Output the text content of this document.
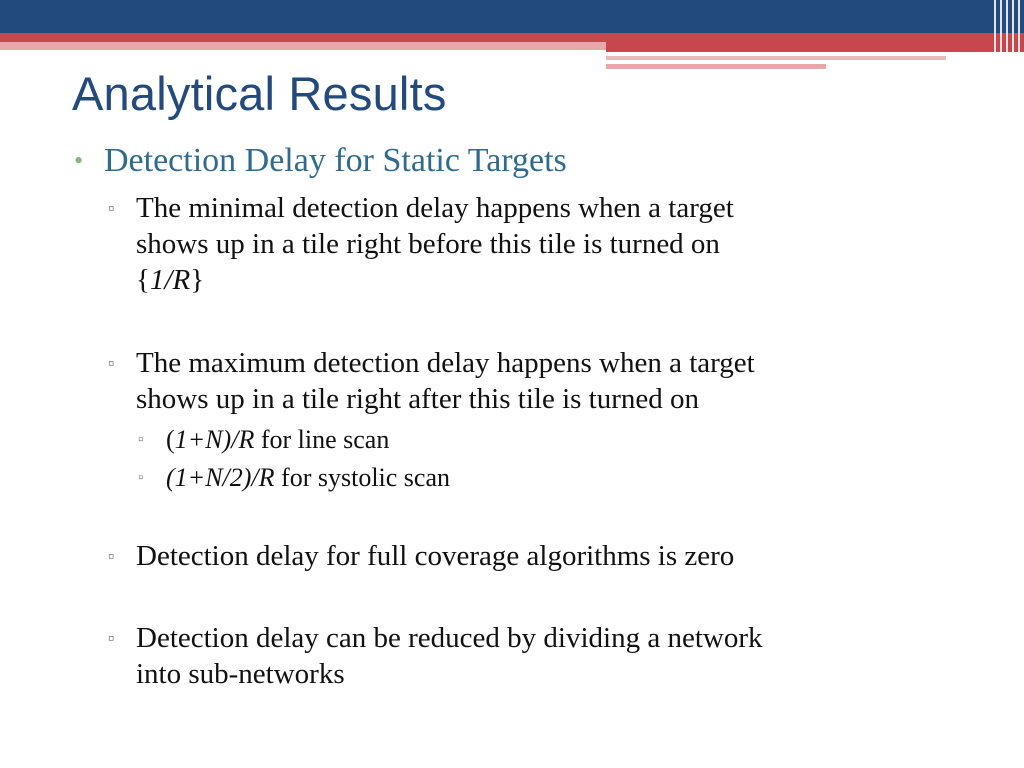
Analytical Results
• Detection Delay for Static Targets
▫ The minimal detection delay happens when a target
shows up in a tile right before this tile is turned on
{1/R}
▫ The maximum detection delay happens when a target
shows up in a tile right after this tile is turned on
▫ (1+N)/R for line scan
▫ (1+N/2)/R for systolic scan
▫ Detection delay for full coverage algorithms is zero
▫ Detection delay can be reduced by dividing a network
into sub-networks
